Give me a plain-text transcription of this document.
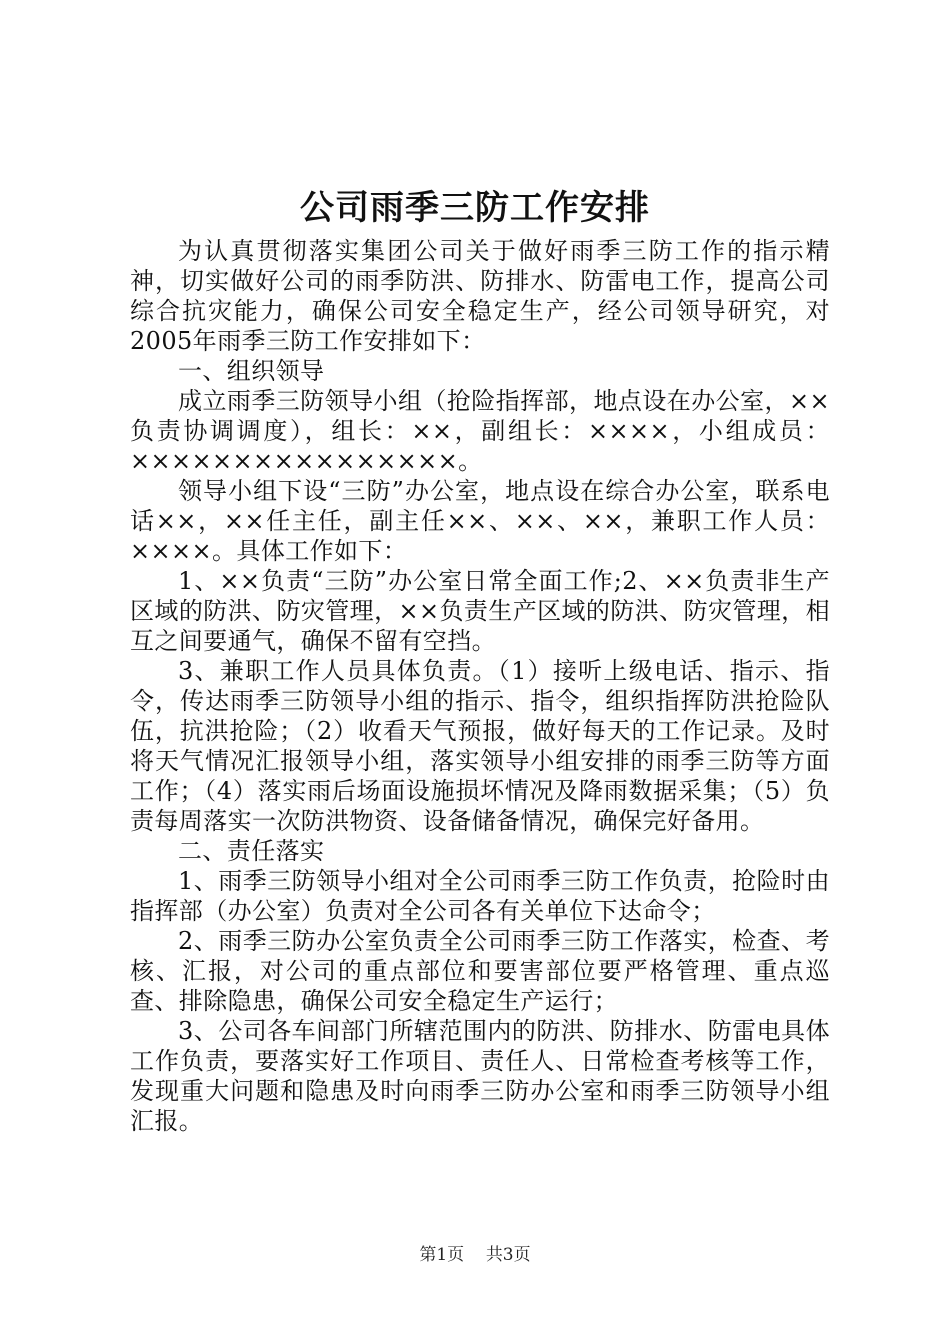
公司雨季三防工作安排

为认真贯彻落实集团公司关于做好雨季三防工作的指示精神，切实做好公司的雨季防洪、防排水、防雷电工作，提高公司综合抗灾能力，确保公司安全稳定生产，经公司领导研究，对2005年雨季三防工作安排如下：

一、组织领导

成立雨季三防领导小组（抢险指挥部，地点设在办公室，××负责协调调度），组长：××，副组长：××××，小组成员：××××××××××××××××。

领导小组下设“三防”办公室，地点设在综合办公室，联系电话××，××任主任，副主任××、××、××，兼职工作人员：××××。具体工作如下：

1、××负责“三防”办公室日常全面工作;2、××负责非生产区域的防洪、防灾管理，××负责生产区域的防洪、防灾管理，相互之间要通气，确保不留有空挡。

3、兼职工作人员具体负责。（1）接听上级电话、指示、指令，传达雨季三防领导小组的指示、指令，组织指挥防洪抢险队伍，抗洪抢险；（2）收看天气预报，做好每天的工作记录。及时将天气情况汇报领导小组，落实领导小组安排的雨季三防等方面工作；（4）落实雨后场面设施损坏情况及降雨数据采集；（5）负责每周落实一次防洪物资、设备储备情况，确保完好备用。

二、责任落实

1、雨季三防领导小组对全公司雨季三防工作负责，抢险时由指挥部（办公室）负责对全公司各有关单位下达命令；

2、雨季三防办公室负责全公司雨季三防工作落实，检查、考核、汇报，对公司的重点部位和要害部位要严格管理、重点巡查、排除隐患，确保公司安全稳定生产运行；

3、公司各车间部门所辖范围内的防洪、防排水、防雷电具体工作负责，要落实好工作项目、责任人、日常检查考核等工作，发现重大问题和隐患及时向雨季三防办公室和雨季三防领导小组汇报。

第1页 共3页
